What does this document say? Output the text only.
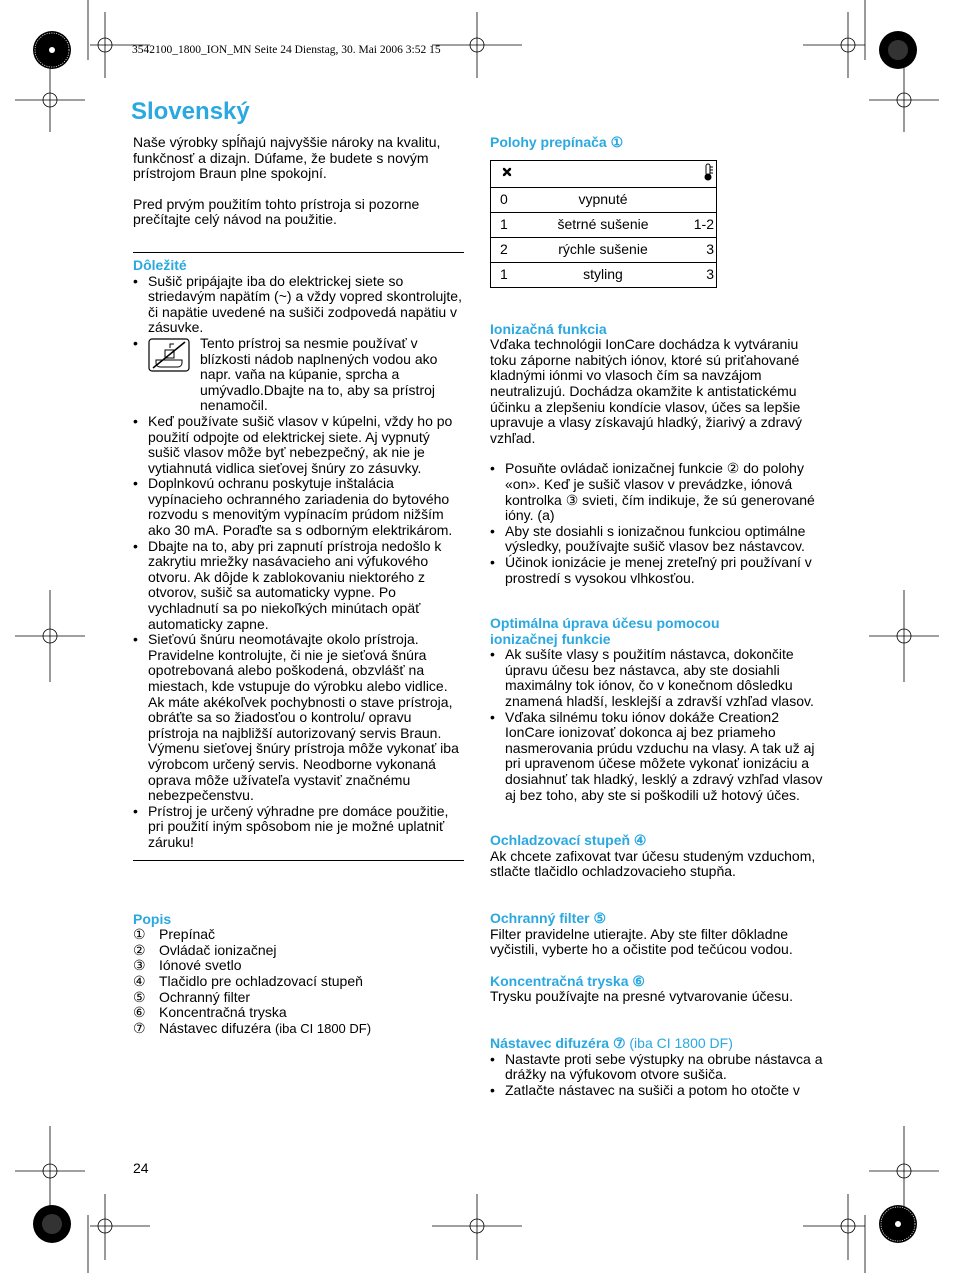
3542100_1800_ION_MN Seite 24 Dienstag, 30. Mai 2006 3:52 15
Slovenský

Naše výrobky spĺňajú najvyššie nároky na kvalitu, funkčnosť a dizajn. Dúfame, že budete s novým prístrojom Braun plne spokojní.

Pred prvým použitím tohto prístroja si pozorne prečítajte celý návod na použitie.

Dôležité

• Sušič pripájajte iba do elektrickej siete so striedavým napätím (~) a vždy vopred skontrolujte, či napätie uvedené na sušiči zodpovedá napätiu v zásuvke.
• Tento prístroj sa nesmie používať v blízkosti nádob naplnených vodou ako napr. vaňa na kúpanie, sprcha a umývadlo.Dbajte na to, aby sa prístroj nenamočil.
• Keď používate sušič vlasov v kúpelni, vždy ho po použití odpojte od elektrickej siete. Aj vypnutý sušič vlasov môže byť nebezpečný, ak nie je vytiahnutá vidlica sieťovej šnúry zo zásuvky.
• Doplnkovú ochranu poskytuje inštalácia vypínacieho ochranného zariadenia do bytového rozvodu s menovitým vypínacím prúdom nižším ako 30 mA. Poraďte sa s odborným elektrikárom.
• Dbajte na to, aby pri zapnutí prístroja nedošlo k zakrytiu mriežky nasávacieho ani výfukového otvoru. Ak dôjde k zablokovaniu niektorého z otvorov, sušič sa automaticky vypne. Po vychladnutí sa po niekoľkých minútach opäť automaticky zapne.
• Sieťovú šnúru neomotávajte okolo prístroja. Pravidelne kontrolujte, či nie je sieťová šnúra opotrebovaná alebo poškodená, obzvlášť na miestach, kde vstupuje do výrobku alebo vidlice. Ak máte akékoľvek pochybnosti o stave prístroja, obráťte sa so žiadosťou o kontrolu/ opravu prístroja na najbližší autorizovaný servis Braun. Výmenu sieťovej šnúry prístroja môže vykonať iba výrobcom určený servis. Neodborne vykonaná oprava môže užívateľa vystaviť značnému nebezpečenstvu.
• Prístroj je určený výhradne pre domáce použitie, pri použití iným spôsobom nie je možné uplatniť záruku!

Popis

① Prepínač
② Ovládač ionizačnej
③ Iónové svetlo
④ Tlačidlo pre ochladzovací stupeň
⑤ Ochranný filter
⑥ Koncentračná tryska
⑦ Nástavec difuzéra (iba CI 1800 DF)

Polohy prepínača ①

0	vypnuté
1	šetrné sušenie	1-2
2	rýchle sušenie	3
1	styling	3

Ionizačná funkcia

Vďaka technológii IonCare dochádza k vytváraniu toku záporne nabitých iónov, ktoré sú priťahované kladnými iónmi vo vlasoch čím sa navzájom neutralizujú. Dochádza okamžite k antistatickému účinku a zlepšeniu kondície vlasov, účes sa lepšie upravuje a vlasy získavajú hladký, žiarivý a zdravý vzhľad.

• Posuňte ovládač ionizačnej funkcie ② do polohy «on». Keď je sušič vlasov v prevádzke, iónová kontrolka ③ svieti, čím indikuje, že sú generované ióny. (a)
• Aby ste dosiahli s ionizačnou funkciou optimálne výsledky, používajte sušič vlasov bez nástavcov.
• Účinok ionizácie je menej zreteľný pri používaní v prostredí s vysokou vlhkosťou.

Optimálna úprava účesu pomocou
ionizačnej funkcie

• Ak sušíte vlasy s použitím nástavca, dokončite úpravu účesu bez nástavca, aby ste dosiahli maximálny tok iónov, čo v konečnom dôsledku znamená hladší, lesklejší a zdravší vzhľad vlasov.
• Vďaka silnému toku iónov dokáže Creation2 IonCare ionizovať dokonca aj bez priameho nasmerovania prúdu vzduchu na vlasy. A tak už aj pri upravenom účese môžete vykonať ionizáciu a dosiahnuť tak hladký, lesklý a zdravý vzhľad vlasov aj bez toho, aby ste si poškodili už hotový účes.

Ochladzovací stupeň ④

Ak chcete zafixovat tvar účesu studeným vzduchom, stlačte tlačidlo ochladzovacieho stupňa.

Ochranný filter ⑤

Filter pravidelne utierajte. Aby ste filter dôkladne vyčistili, vyberte ho a očistite pod tečúcou vodou.

Koncentračná tryska ⑥

Trysku používajte na presné vytvarovanie účesu.

Nástavec difuzéra ⑦ (iba CI 1800 DF)

• Nastavte proti sebe výstupky na obrube nástavca a drážky na výfukovom otvore sušiča.
• Zatlačte nástavec na sušiči a potom ho otočte v
24
